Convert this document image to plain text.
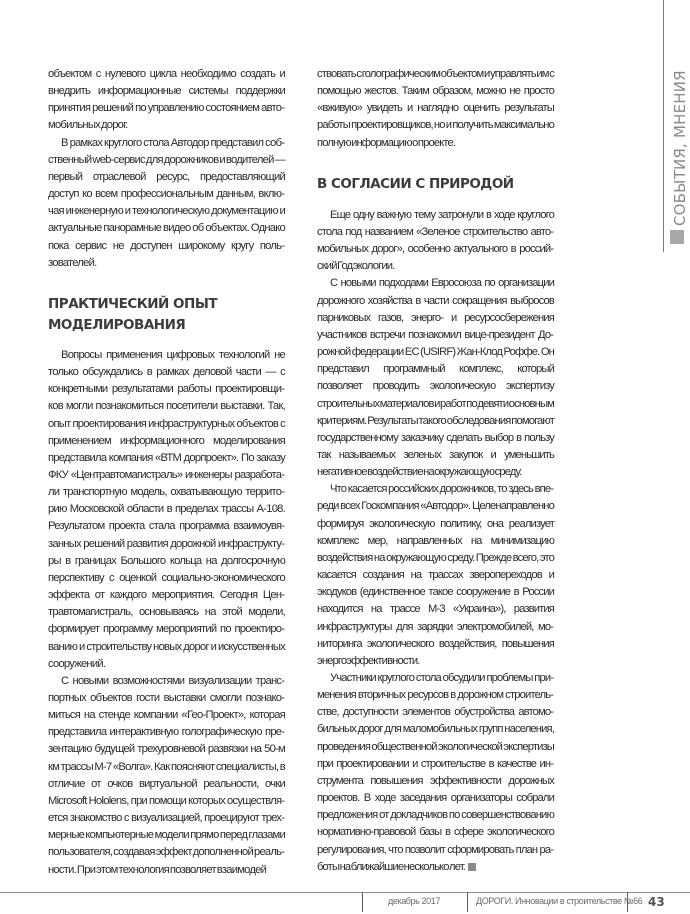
СОБЫТИЯ, МНЕНИЯ

объектом с нулевого цикла необходимо создать и внедрить информационные системы поддержки принятия решений по управлению состоянием автомобильных дорог.

В рамках круглого стола Автодор представил собственный web-сервис для дорожников и водителей — первый отраслевой ресурс, предоставляющий доступ ко всем профессиональным данным, включая инженерную и технологическую документацию и актуальные панорамные видео об объектах. Однако пока сервис не доступен широкому кругу пользователей.

ПРАКТИЧЕСКИЙ ОПЫТ МОДЕЛИРОВАНИЯ

Вопросы применения цифровых технологий не только обсуждались в рамках деловой части — с конкретными результатами работы проектировщиков могли познакомиться посетители выставки. Так, опыт проектирования инфраструктурных объектов с применением информационного моделирования представила компания «ВТМ дорпроект». По заказу ФКУ «Центравтомагистраль» инженеры разработали транспортную модель, охватывающую территорию Московской области в пределах трассы А-108. Результатом проекта стала программа взаимоувязанных решений развития дорожной инфраструктуры в границах Большого кольца на долгосрочную перспективу с оценкой социально-экономического эффекта от каждого мероприятия. Сегодня Центравтомагистраль, основываясь на этой модели, формирует программу мероприятий по проектированию и строительству новых дорог и искусственных сооружений.

С новыми возможностями визуализации транспортных объектов гости выставки смогли познакомиться на стенде компании «Гео-Проект», которая представила интерактивную голографическую презентацию будущей трехуровневой развязки на 50-м км трассы М-7 «Волга». Как поясняют специалисты, в отличие от очков виртуальной реальности, очки Microsoft Hololens, при помощи которых осуществляется знакомство с визуализацией, проецируют трехмерные компьютерные модели прямо перед глазами пользователя, создавая эффект дополненной реальности. При этом технология позволяет взаимодей

ствовать с голографическим объектом и управлять им с помощью жестов. Таким образом, можно не просто «вживую» увидеть и наглядно оценить результаты работы проектировщиков, но и получить максимально полную информацию о проекте.

В СОГЛАСИИ С ПРИРОДОЙ

Еще одну важную тему затронули в ходе круглого стола под названием «Зеленое строительство автомобильных дорог», особенно актуального в российский Год экологии.

С новыми подходами Евросоюза по организации дорожного хозяйства в части сокращения выбросов парниковых газов, энерго- и ресурсосбережения участников встречи познакомил вице-президент Дорожной федерации ЕС (USIRF) Жан-Клод Роффе. Он представил программный комплекс, который позволяет проводить экологическую экспертизу строительных материалов и работ по девяти основным критериям. Результаты такого обследования помогают государственному заказчику сделать выбор в пользу так называемых зеленых закупок и уменьшить негативное воздействие на окружающую среду.

Что касается российских дорожников, то здесь впереди всех Госкомпания «Автодор». Целенаправленно формируя экологическую политику, она реализует комплекс мер, направленных на минимизацию воздействия на окружающую среду. Прежде всего, это касается создания на трассах зверопереходов и экодуков (единственное такое сооружение в России находится на трассе М-3 «Украина»), развития инфраструктуры для зарядки электромобилей, мониторинга экологического воздействия, повышения энергоэффективности.

Участники круглого стола обсудили проблемы применения вторичных ресурсов в дорожном строительстве, доступности элементов обустройства автомобильных дорог для маломобильных групп населения, проведения общественной экологической экспертизы при проектировании и строительстве в качестве инструмента повышения эффективности дорожных проектов. В ходе заседания организаторы собрали предложения от докладчиков по совершенствованию нормативно-правовой базы в сфере экологического регулирования, что позволит сформировать план работы на ближайшие несколько лет.

декабрь 2017	ДОРОГИ. Инновации в строительстве №66 43
